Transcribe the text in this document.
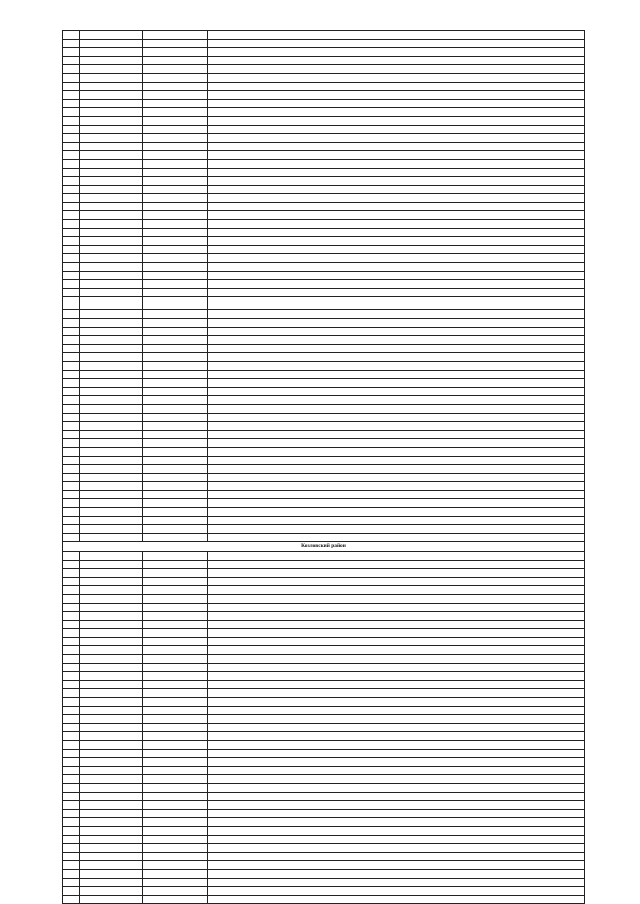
Козловский район			
